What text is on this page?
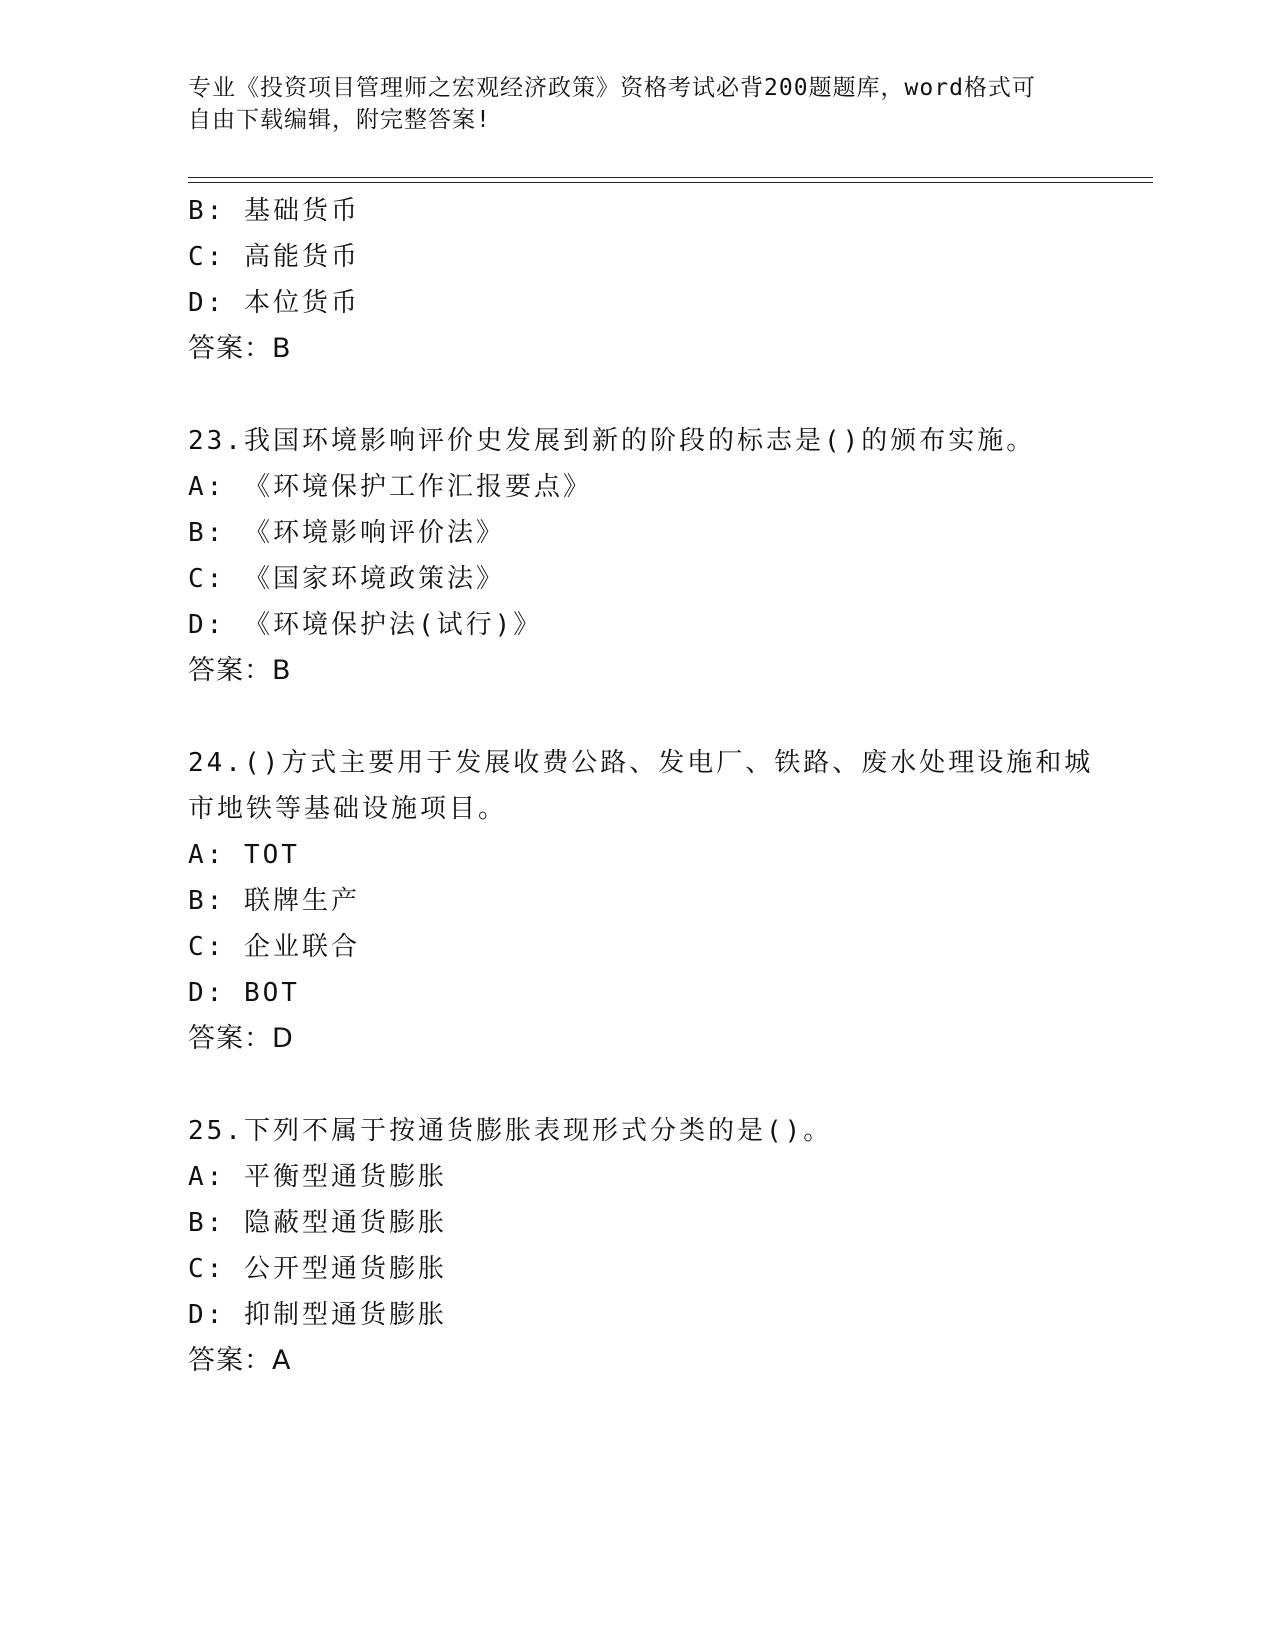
专业《投资项目管理师之宏观经济政策》资格考试必背200题题库，word格式可
自由下载编辑，附完整答案!
B: 基础货币
C: 高能货币
D: 本位货币
答案：B
23.我国环境影响评价史发展到新的阶段的标志是()的颁布实施。
A: 《环境保护工作汇报要点》
B: 《环境影响评价法》
C: 《国家环境政策法》
D: 《环境保护法(试行)》
答案：B
24.()方式主要用于发展收费公路、发电厂、铁路、废水处理设施和城
市地铁等基础设施项目。
A: TOT
B: 联牌生产
C: 企业联合
D: BOT
答案：D
25.下列不属于按通货膨胀表现形式分类的是()。
A: 平衡型通货膨胀
B: 隐蔽型通货膨胀
C: 公开型通货膨胀
D: 抑制型通货膨胀
答案：A
